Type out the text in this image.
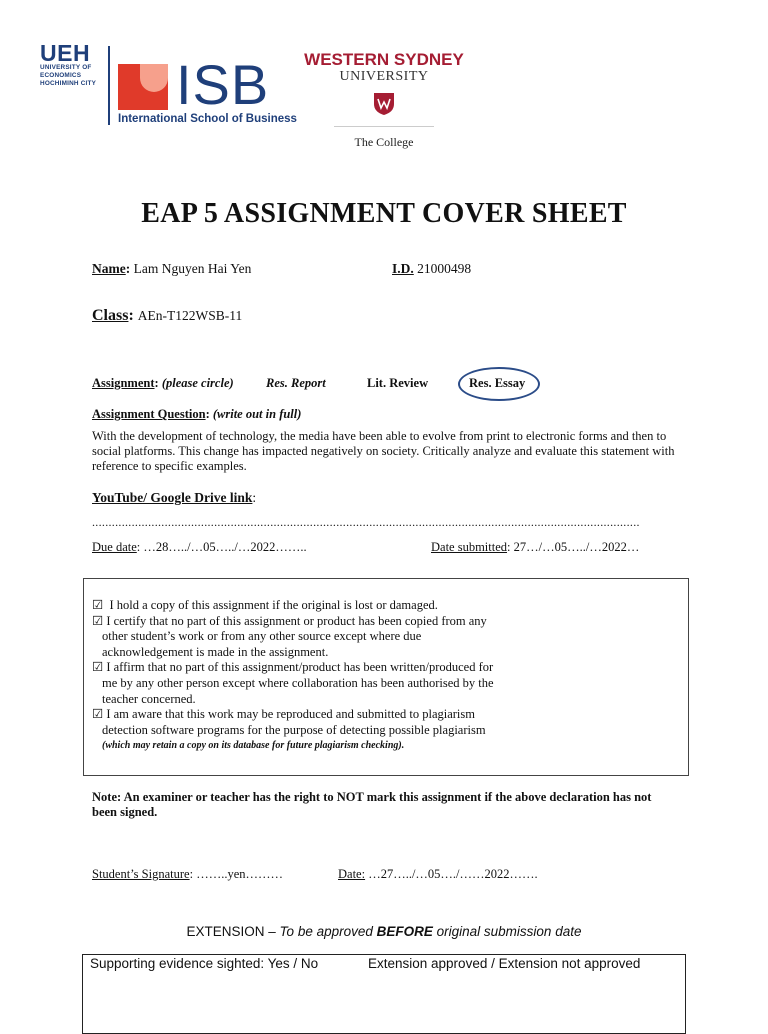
UEH
UNIVERSITY OF
ECONOMICS
HOCHIMINH CITY ISB
International School of Business
WESTERN SYDNEY
UNIVERSITY
The College
EAP 5 ASSIGNMENT COVER SHEET
Name: Lam Nguyen Hai Yen	I.D. 21000498
Class: AEn-T122WSB-11
Assignment: (please circle)	Res. Report	Lit. Review	Res. Essay
Assignment Question: (write out in full)
With the development of technology, the media have been able to evolve from print to electronic forms and then to social platforms. This change has impacted negatively on society. Critically analyze and evaluate this statement with reference to specific examples.
YouTube/ Google Drive link:
......................................................................................................................................................................
Due date: …28…../…05…../…2022……..	Date submitted: 27…/…05…../…2022…
☑ I hold a copy of this assignment if the original is lost or damaged.
☑ I certify that no part of this assignment or product has been copied from any
other student’s work or from any other source except where due
acknowledgement is made in the assignment.
☑ I affirm that no part of this assignment/product has been written/produced for
me by any other person except where collaboration has been authorised by the
teacher concerned.
☑ I am aware that this work may be reproduced and submitted to plagiarism
detection software programs for the purpose of detecting possible plagiarism
(which may retain a copy on its database for future plagiarism checking).
Note: An examiner or teacher has the right to NOT mark this assignment if the above declaration has not been signed.
Student’s Signature: ……..yen………	Date: …27…../…05…./……2022…….
EXTENSION – To be approved BEFORE original submission date
Supporting evidence sighted: Yes / No	Extension approved / Extension not approved
